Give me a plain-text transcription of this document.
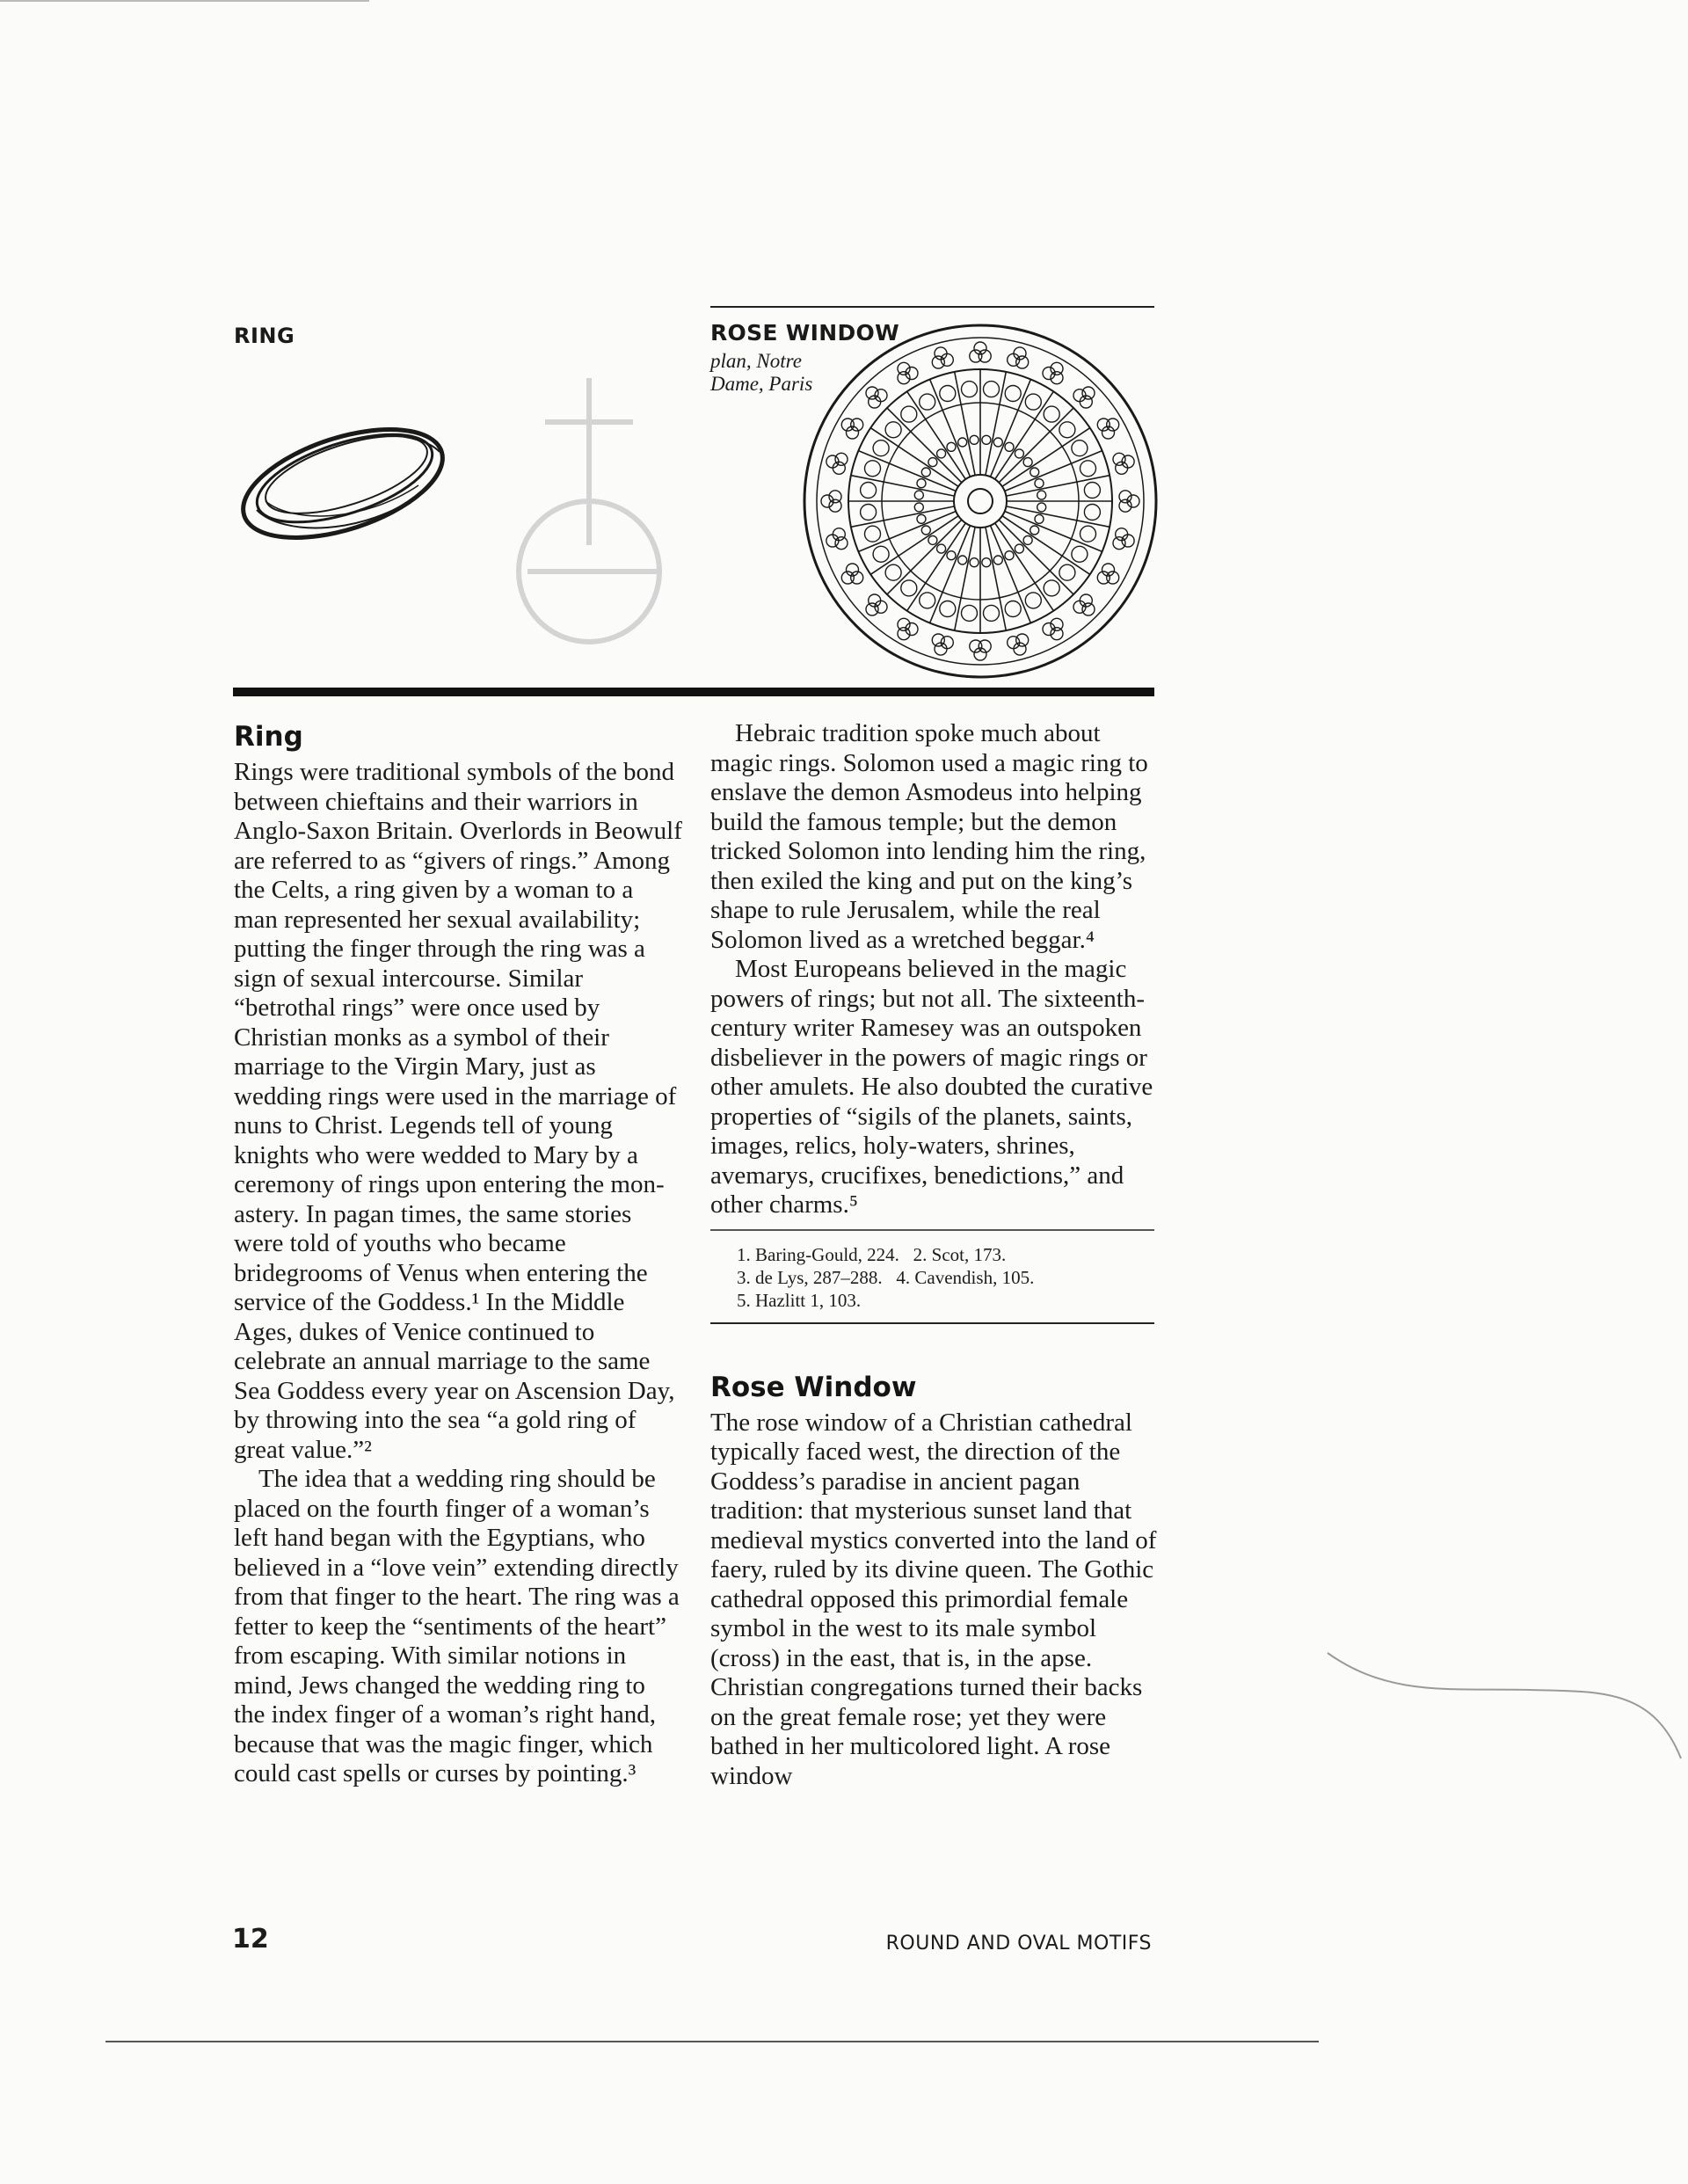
RING	ROSE WINDOW
plan, Notre Dame, Paris
Ring

Rings were traditional symbols of the bond between chieftains and their warriors in Anglo-Saxon Britain. Overlords in Beowulf are referred to as “givers of rings.” Among the Celts, a ring given by a woman to a man represented her sexual availability; putting the finger through the ring was a sign of sexual intercourse. Similar “betrothal rings” were once used by Christian monks as a symbol of their marriage to the Virgin Mary, just as wedding rings were used in the marriage of nuns to Christ. Legends tell of young knights who were wedded to Mary by a ceremony of rings upon entering the monastery. In pagan times, the same stories were told of youths who became bridegrooms of Venus when entering the service of the Goddess.¹ In the Middle Ages, dukes of Venice continued to celebrate an annual marriage to the same Sea Goddess every year on Ascension Day, by throwing into the sea “a gold ring of great value.”²

The idea that a wedding ring should be placed on the fourth finger of a woman’s left hand began with the Egyptians, who believed in a “love vein” extending directly from that finger to the heart. The ring was a fetter to keep the “sentiments of the heart” from escaping. With similar notions in mind, Jews changed the wedding ring to the index finger of a woman’s right hand, because that was the magic finger, which could cast spells or curses by pointing.³

Hebraic tradition spoke much about magic rings. Solomon used a magic ring to enslave the demon Asmodeus into helping build the famous temple; but the demon tricked Solomon into lending him the ring, then exiled the king and put on the king’s shape to rule Jerusalem, while the real Solomon lived as a wretched beggar.⁴

Most Europeans believed in the magic powers of rings; but not all. The sixteenth-century writer Ramesey was an outspoken disbeliever in the powers of magic rings or other amulets. He also doubted the curative properties of “sigils of the planets, saints, images, relics, holy-waters, shrines, avemarys, crucifixes, benedictions,” and other charms.⁵

1. Baring-Gould, 224.   2. Scot, 173.
3. de Lys, 287–288.   4. Cavendish, 105.
5. Hazlitt 1, 103.
Rose Window

The rose window of a Christian cathedral typically faced west, the direction of the Goddess’s paradise in ancient pagan tradition: that mysterious sunset land that medieval mystics converted into the land of faery, ruled by its divine queen. The Gothic cathedral opposed this primordial female symbol in the west to its male symbol (cross) in the east, that is, in the apse. Christian congregations turned their backs on the great female rose; yet they were bathed in her multicolored light. A rose window

12	ROUND AND OVAL MOTIFS
